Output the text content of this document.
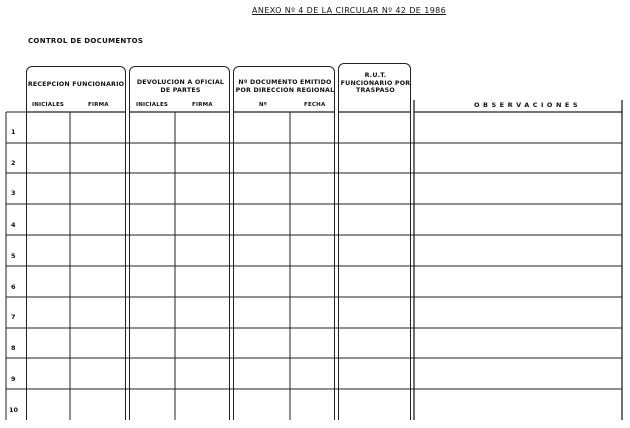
ANEXO Nº 4 DE LA CIRCULAR Nº 42 DE 1986
CONTROL DE DOCUMENTOS
RECEPCION FUNCIONARIO
INICIALES	FIRMA
DEVOLUCION A OFICIAL DE PARTES
INICIALES	FIRMA
Nº DOCUMENTO EMITIDO POR DIRECCION REGIONAL
Nº	FECHA
R.U.T. FUNCIONARIO POR TRASPASO
OBSERVACIONES
1
2
3
4
5
6
7
8
9
10
